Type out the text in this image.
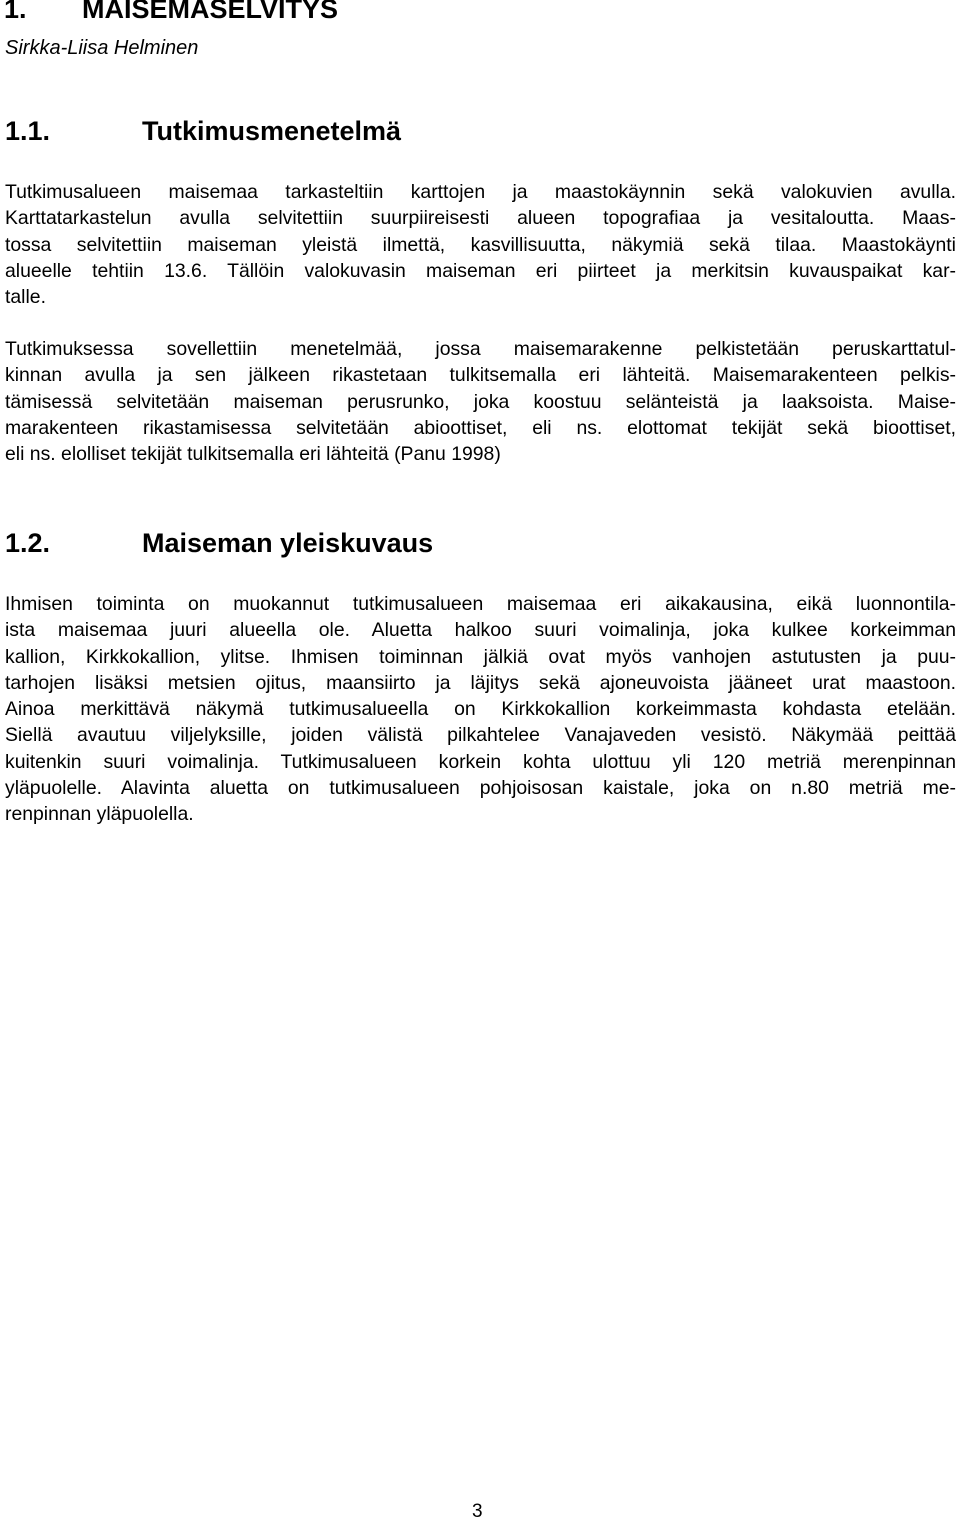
1. MAISEMASELVITYS
Sirkka-Liisa Helminen
1.1.	Tutkimusmenetelmä
Tutkimusalueen maisemaa tarkasteltiin karttojen ja maastokäynnin sekä valokuvien avulla.
Karttatarkastelun avulla selvitettiin suurpiireisesti alueen topografiaa ja vesitaloutta. Maas-
tossa selvitettiin maiseman yleistä ilmettä, kasvillisuutta, näkymiä sekä tilaa. Maastokäynti
alueelle tehtiin 13.6. Tällöin valokuvasin maiseman eri piirteet ja merkitsin kuvauspaikat kar-
talle.
Tutkimuksessa sovellettiin menetelmää, jossa maisemarakenne pelkistetään peruskarttatul-
kinnan avulla ja sen jälkeen rikastetaan tulkitsemalla eri lähteitä. Maisemarakenteen pelkis-
tämisessä selvitetään maiseman perusrunko, joka koostuu selänteistä ja laaksoista. Maise-
marakenteen rikastamisessa selvitetään abioottiset, eli ns. elottomat tekijät sekä bioottiset,
eli ns. elolliset tekijät tulkitsemalla eri lähteitä (Panu 1998)
1.2.	Maiseman yleiskuvaus
Ihmisen toiminta on muokannut tutkimusalueen maisemaa eri aikakausina, eikä luonnontila-
ista maisemaa juuri alueella ole. Aluetta halkoo suuri voimalinja, joka kulkee korkeimman
kallion, Kirkkokallion, ylitse. Ihmisen toiminnan jälkiä ovat myös vanhojen astutusten ja puu-
tarhojen lisäksi metsien ojitus, maansiirto ja läjitys sekä ajoneuvoista jääneet urat maastoon.
Ainoa merkittävä näkymä tutkimusalueella on Kirkkokallion korkeimmasta kohdasta etelään.
Siellä avautuu viljelyksille, joiden välistä pilkahtelee Vanajaveden vesistö. Näkymää peittää
kuitenkin suuri voimalinja. Tutkimusalueen korkein kohta ulottuu yli 120 metriä merenpinnan
yläpuolelle. Alavinta aluetta on tutkimusalueen pohjoisosan kaistale, joka on n.80 metriä me-
renpinnan yläpuolella.
3
